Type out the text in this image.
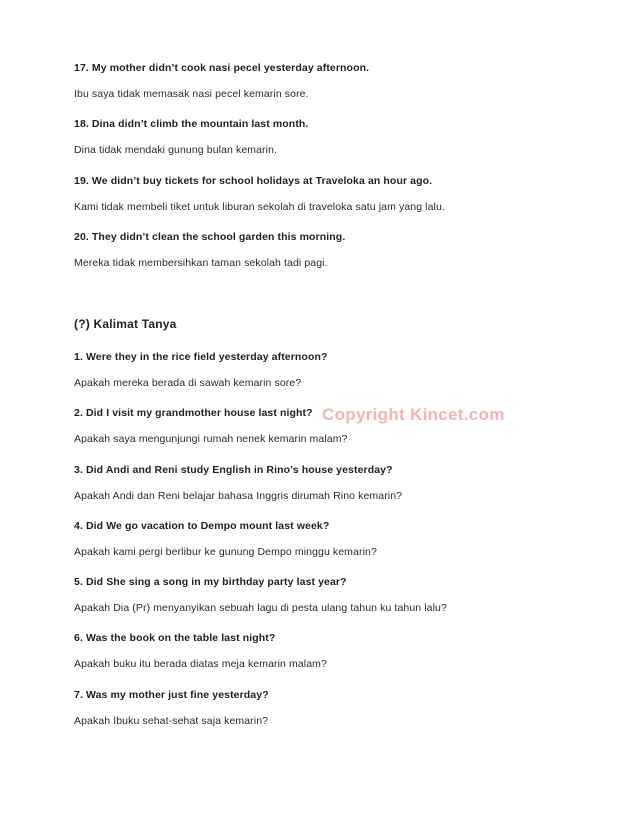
Copyright Kincet.com

17. My mother didn’t cook nasi pecel yesterday afternoon.

Ibu saya tidak memasak nasi pecel kemarin sore.

18. Dina didn’t climb the mountain last month.

Dina tidak mendaki gunung bulan kemarin.

19. We didn’t buy tickets for school holidays at Traveloka an hour ago.

Kami tidak membeli tiket untuk liburan sekolah di traveloka satu jam yang lalu.

20. They didn’t clean the school garden this morning.

Mereka tidak membersihkan taman sekolah tadi pagi.

(?) Kalimat Tanya

1. Were they in the rice field yesterday afternoon?

Apakah mereka berada di sawah kemarin sore?

2. Did I visit my grandmother house last night?

Apakah saya mengunjungi rumah nenek kemarin malam?

3. Did Andi and Reni study English in Rino’s house yesterday?

Apakah Andi dan Reni belajar bahasa Inggris dirumah Rino kemarin?

4. Did We go vacation to Dempo mount last week?

Apakah kami pergi berlibur ke gunung Dempo minggu kemarin?

5. Did She sing a song in my birthday party last year?

Apakah Dia (Pr) menyanyikan sebuah lagu di pesta ulang tahun ku tahun lalu?

6. Was the book on the table last night?

Apakah buku itu berada diatas meja kemarin malam?

7. Was my mother just fine yesterday?

Apakah Ibuku sehat-sehat saja kemarin?
